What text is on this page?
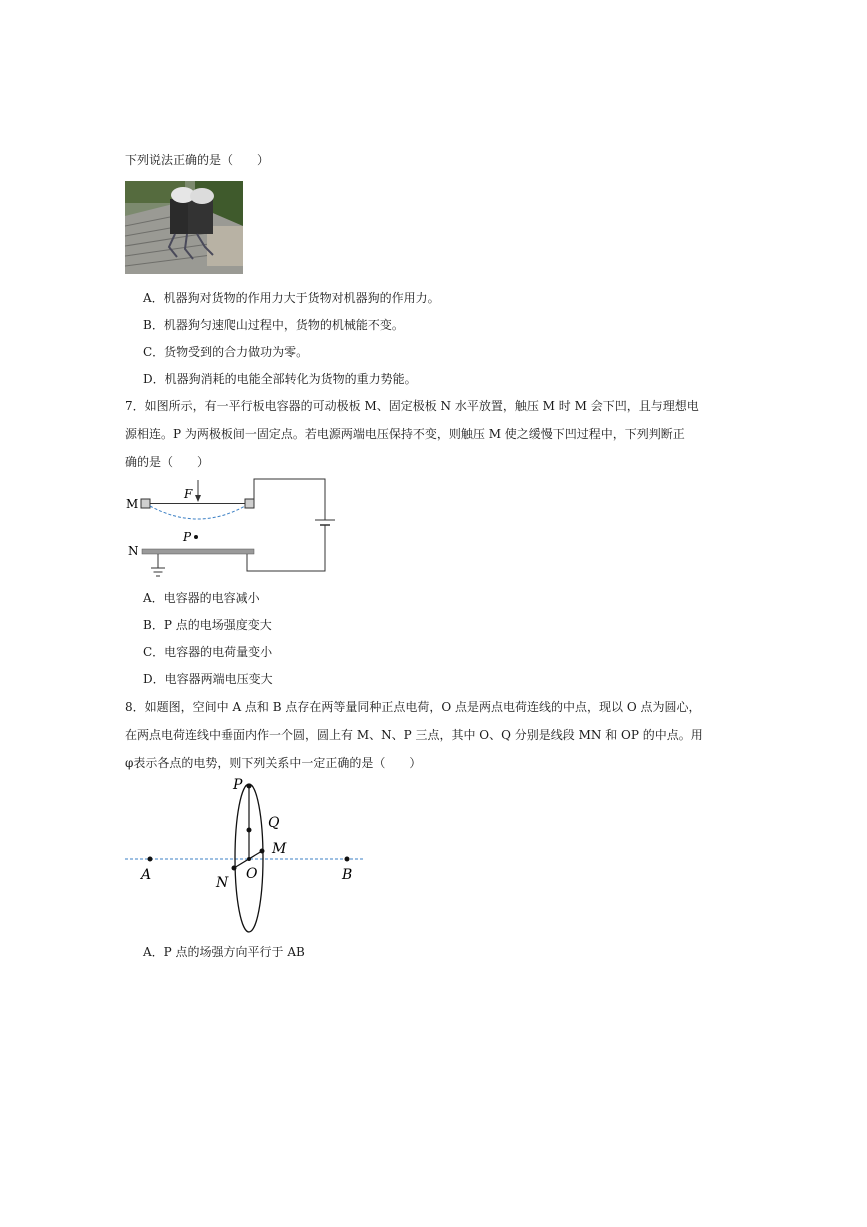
下列说法正确的是（　　）
A．机器狗对货物的作用力大于货物对机器狗的作用力。
B．机器狗匀速爬山过程中，货物的机械能不变。
C．货物受到的合力做功为零。
D．机器狗消耗的电能全部转化为货物的重力势能。
7．如图所示，有一平行板电容器的可动极板 M、固定极板 N 水平放置，触压 M 时 M 会下凹，且与理想电
源相连。P 为两极板间一固定点。若电源两端电压保持不变，则触压 M 使之缓慢下凹过程中，下列判断正
确的是（　　）
F
M
P
N
A．电容器的电容减小
B．P 点的电场强度变大
C．电容器的电荷量变小
D．电容器两端电压变大
8．如题图，空间中 A 点和 B 点存在两等量同种正点电荷，O 点是两点电荷连线的中点，现以 O 点为圆心，
在两点电荷连线中垂面内作一个圆，圆上有 M、N、P 三点，其中 O、Q 分别是线段 MN 和 OP 的中点。用
φ表示各点的电势，则下列关系中一定正确的是（　　）
P
Q
M
A	O	B
N
A．P 点的场强方向平行于 AB
